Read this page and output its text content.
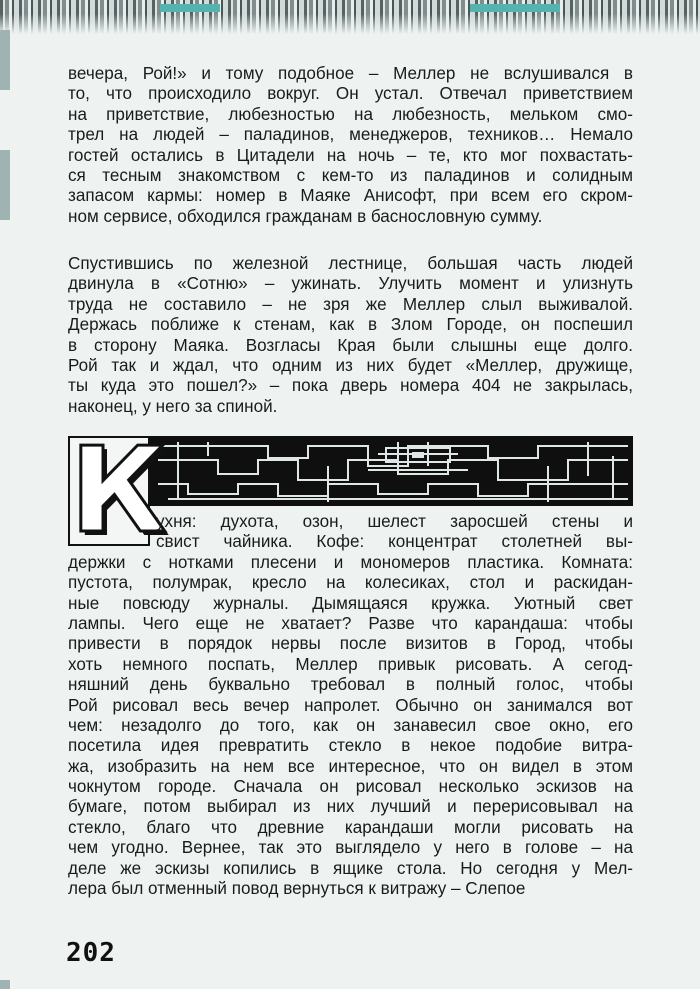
вечера, Рой!» и тому подобное – Меллер не вслушивался в
то, что происходило вокруг. Он устал. Отвечал приветствием
на приветствие, любезностью на любезность, мельком смо-
трел на людей – паладинов, менеджеров, техников… Немало
гостей остались в Цитадели на ночь – те, кто мог похвастать-
ся тесным знакомством с кем-то из паладинов и солидным
запасом кармы: номер в Маяке Анисофт, при всем его скром-
ном сервисе, обходился гражданам в баснословную сумму.
Спустившись по железной лестнице, большая часть людей
двинула в «Сотню» – ужинать. Улучить момент и улизнуть
труда не составило – не зря же Меллер слыл выживалой.
Держась поближе к стенам, как в Злом Городе, он поспешил
в сторону Маяка. Возгласы Края были слышны еще долго.
Рой так и ждал, что одним из них будет «Меллер, дружище,
ты куда это пошел?» – пока дверь номера 404 не закрылась,
наконец, у него за спиной.
К
ухня: духота, озон, шелест заросшей стены и
свист чайника. Кофе: концентрат столетней вы-
держки с нотками плесени и мономеров пластика. Комната:
пустота, полумрак, кресло на колесиках, стол и раскидан-
ные повсюду журналы. Дымящаяся кружка. Уютный свет
лампы. Чего еще не хватает? Разве что карандаша: чтобы
привести в порядок нервы после визитов в Город, чтобы
хоть немного поспать, Меллер привык рисовать. А сегод-
няшний день буквально требовал в полный голос, чтобы
Рой рисовал весь вечер напролет. Обычно он занимался вот
чем: незадолго до того, как он занавесил свое окно, его
посетила идея превратить стекло в некое подобие витра-
жа, изобразить на нем все интересное, что он видел в этом
чокнутом городе. Сначала он рисовал несколько эскизов на
бумаге, потом выбирал из них лучший и перерисовывал на
стекло, благо что древние карандаши могли рисовать на
чем угодно. Вернее, так это выглядело у него в голове – на
деле же эскизы копились в ящике стола. Но сегодня у Мел-
лера был отменный повод вернуться к витражу – Слепое
202
